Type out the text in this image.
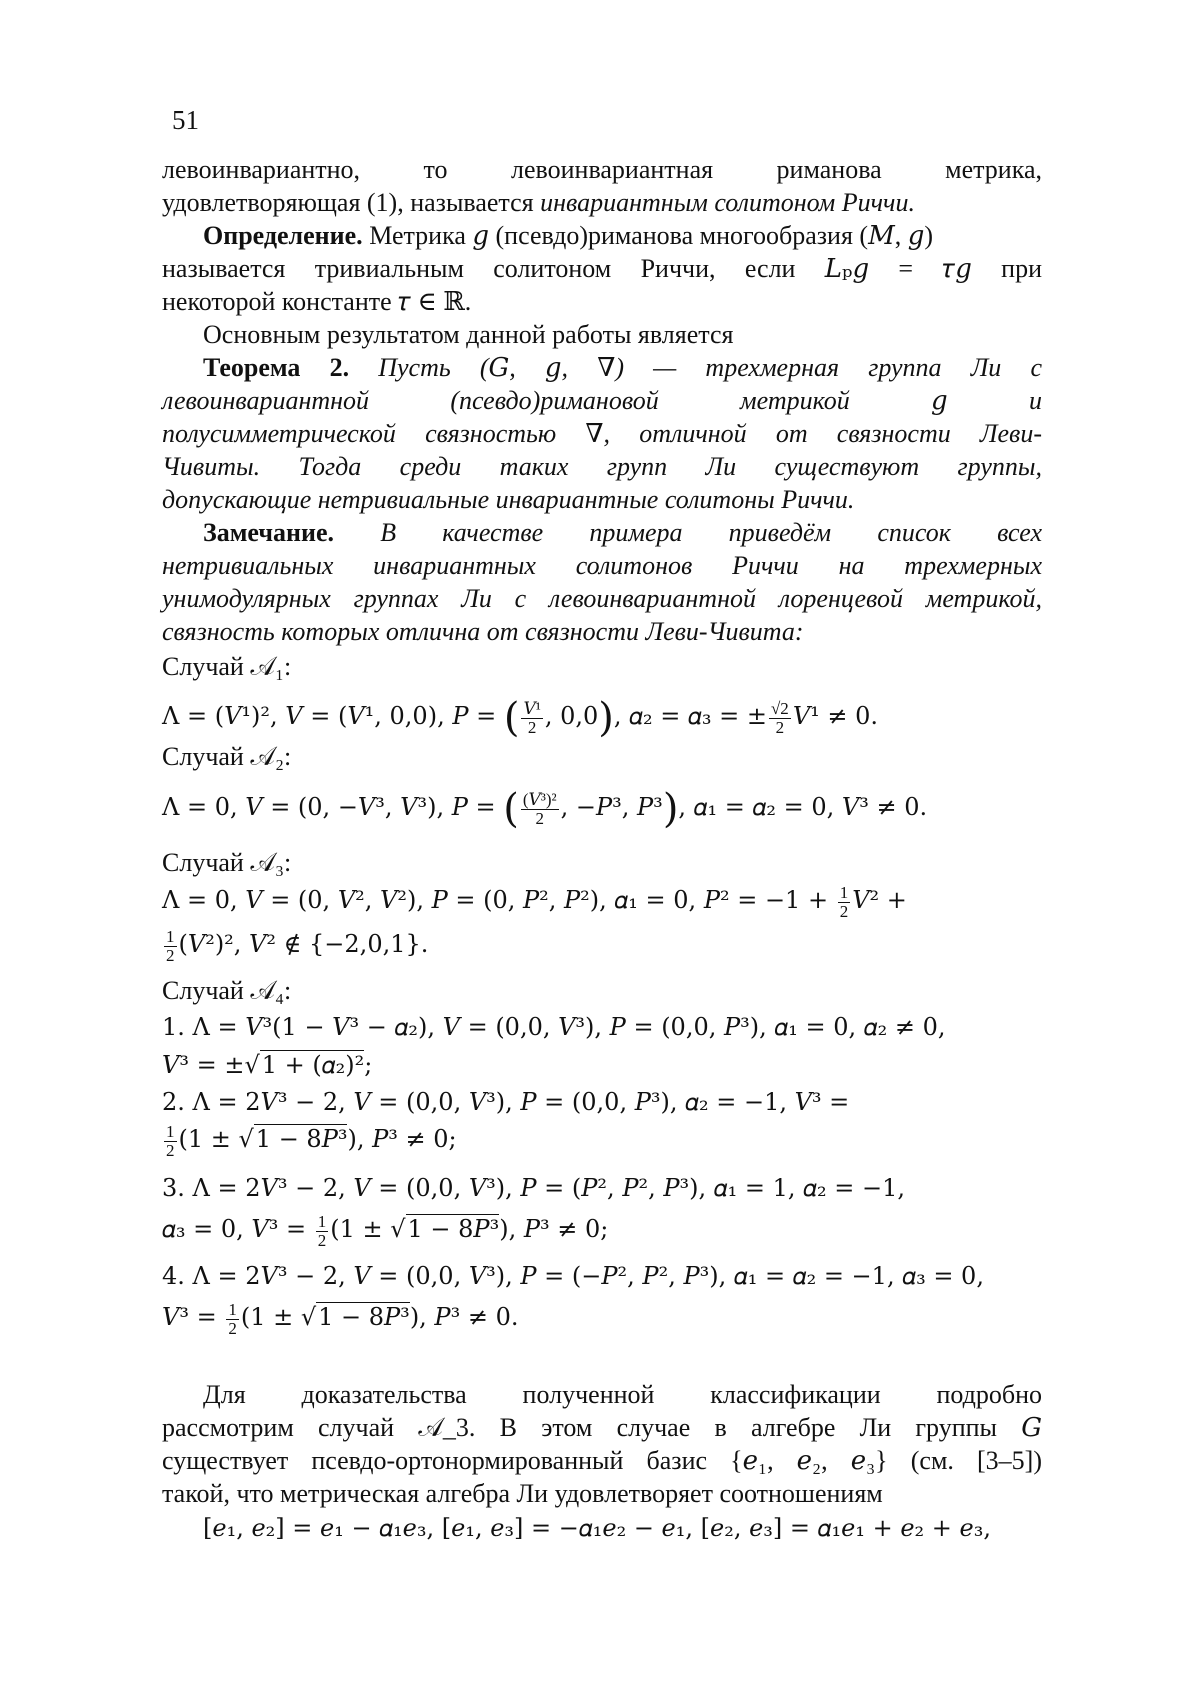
51
левоинвариантно, то левоинвариантная риманова метрика,
удовлетворяющая (1), называется инвариантным солитоном Риччи.
Определение. Метрика 𝑔 (псевдо)риманова многообразия (𝑀, 𝑔)
называется тривиальным солитоном Риччи, если 𝐿ₚ𝑔 = 𝜏𝑔 при
некоторой константе 𝜏 ∈ ℝ.
Основным результатом данной работы является
Теорема 2. Пусть (𝐺, 𝑔, ∇) — трехмерная группа Ли с
левоинвариантной (псевдо)римановой метрикой 𝑔 и
полусимметрической связностью ∇, отличной от связности Леви-
Чивиты. Тогда среди таких групп Ли существуют группы,
допускающие нетривиальные инвариантные солитоны Риччи.
Замечание. В качестве примера приведём список всех
нетривиальных инвариантных солитонов Риччи на трехмерных
унимодулярных группах Ли с левоинвариантной лоренцевой метрикой,
связность которых отлична от связности Леви-Чивита:
Случай 𝒜₁:
Λ = (𝑉¹)², 𝑉 = (𝑉¹, 0,0), 𝑃 = ( 𝑉¹
2 , 0,0), 𝛼₂ = 𝛼₃ = ± √2
2 𝑉¹ ≠ 0.
Случай 𝒜₂:
Λ = 0, 𝑉 = (0, −𝑉³, 𝑉³), 𝑃 = ( (𝑉³)²
2 , −𝑃³, 𝑃³), 𝛼₁ = 𝛼₂ = 0, 𝑉³ ≠ 0.
Случай 𝒜₃:
Λ = 0, 𝑉 = (0, 𝑉², 𝑉²), 𝑃 = (0, 𝑃², 𝑃²), 𝛼₁ = 0, 𝑃² = −1 + 1
2 𝑉² +
1
2 (𝑉²)², 𝑉² ∉ {−2,0,1}.
Случай 𝒜₄:
1. Λ = 𝑉³(1 − 𝑉³ − 𝛼₂), 𝑉 = (0,0, 𝑉³), 𝑃 = (0,0, 𝑃³), 𝛼₁ = 0, 𝛼₂ ≠ 0,
𝑉³ = ±√1 + (𝛼₂)²;
2. Λ = 2𝑉³ − 2, 𝑉 = (0,0, 𝑉³), 𝑃 = (0,0, 𝑃³), 𝛼₂ = −1, 𝑉³ =
1
2 (1 ± √1 − 8𝑃³), 𝑃³ ≠ 0;
3. Λ = 2𝑉³ − 2, 𝑉 = (0,0, 𝑉³), 𝑃 = (𝑃², 𝑃², 𝑃³), 𝛼₁ = 1, 𝛼₂ = −1,
𝛼₃ = 0, 𝑉³ = 1
2 (1 ± √1 − 8𝑃³), 𝑃³ ≠ 0;
4. Λ = 2𝑉³ − 2, 𝑉 = (0,0, 𝑉³), 𝑃 = (−𝑃², 𝑃², 𝑃³), 𝛼₁ = 𝛼₂ = −1, 𝛼₃ = 0,
𝑉³ = 1
2 (1 ± √1 − 8𝑃³), 𝑃³ ≠ 0.
Для доказательства полученной классификации подробно
рассмотрим случай 𝒜_3. В этом случае в алгебре Ли группы 𝐺
существует псевдо-ортонормированный базис {𝑒₁, 𝑒₂, 𝑒₃} (см. [3–5])
такой, что метрическая алгебра Ли удовлетворяет соотношениям
[𝑒₁, 𝑒₂] = 𝑒₁ − 𝛼₁𝑒₃, [𝑒₁, 𝑒₃] = −𝛼₁𝑒₂ − 𝑒₁, [𝑒₂, 𝑒₃] = 𝛼₁𝑒₁ + 𝑒₂ + 𝑒₃,
